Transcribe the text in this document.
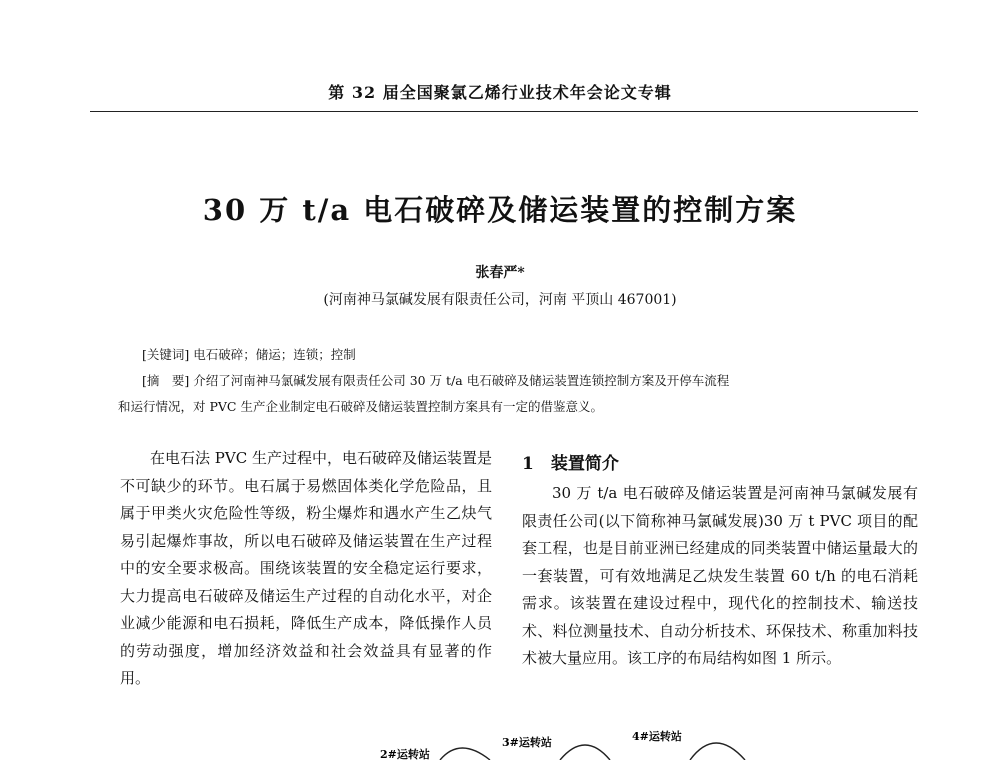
第 32 届全国聚氯乙烯行业技术年会论文专辑
30 万 t/a 电石破碎及储运装置的控制方案
张春严*
(河南神马氯碱发展有限责任公司，河南 平顶山 467001)
[关键词] 电石破碎；储运；连锁；控制
[摘　要] 介绍了河南神马氯碱发展有限责任公司 30 万 t/a 电石破碎及储运装置连锁控制方案及开停车流程
和运行情况，对 PVC 生产企业制定电石破碎及储运装置控制方案具有一定的借鉴意义。
在电石法 PVC 生产过程中，电石破碎及储运装置是不可缺少的环节。电石属于易燃固体类化学危险品，且属于甲类火灾危险性等级，粉尘爆炸和遇水产生乙炔气易引起爆炸事故，所以电石破碎及储运装置在生产过程中的安全要求极高。围绕该装置的安全稳定运行要求，大力提高电石破碎及储运生产过程的自动化水平，对企业减少能源和电石损耗，降低生产成本，降低操作人员的劳动强度，增加经济效益和社会效益具有显著的作用。
1　装置简介
30 万 t/a 电石破碎及储运装置是河南神马氯碱发展有限责任公司(以下简称神马氯碱发展)30 万 t PVC 项目的配套工程，也是目前亚洲已经建成的同类装置中储运量最大的一套装置，可有效地满足乙炔发生装置 60 t/h 的电石消耗需求。该装置在建设过程中，现代化的控制技术、输送技术、料位测量技术、自动分析技术、环保技术、称重加料技术被大量应用。该工序的布局结构如图 1 所示。
2#运转站
3#运转站	4#运转站
